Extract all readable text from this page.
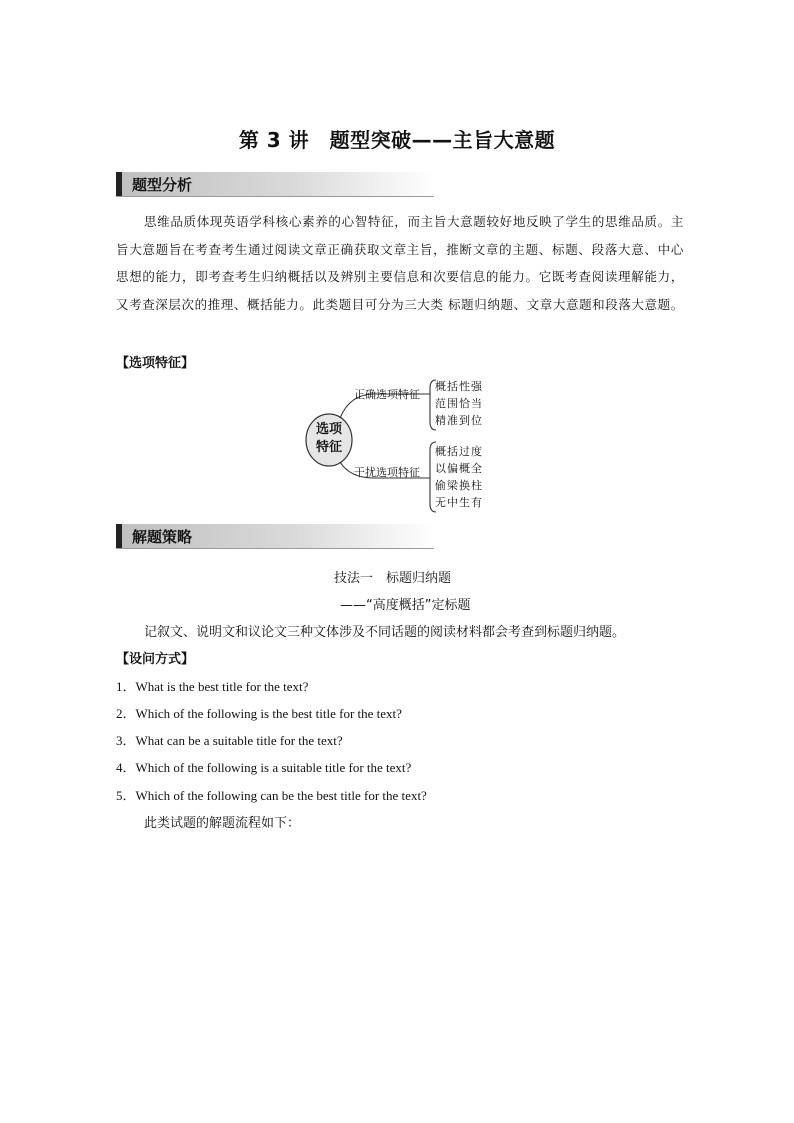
第 3 讲　题型突破——主旨大意题
题型分析
思维品质体现英语学科核心素养的心智特征，而主旨大意题较好地反映了学生的思维品质。主旨大意题旨在考查考生通过阅读文章正确获取文章主旨，推断文章的主题、标题、段落大意、中心思想的能力，即考查考生归纳概括以及辨别主要信息和次要信息的能力。它既考查阅读理解能力，又考查深层次的推理、概括能力。此类题目可分为三大类 标题归纳题、文章大意题和段落大意题。
【选项特征】
选项
特征
正确选项特征
干扰选项特征
概括性强
范围恰当
精准到位
概括过度
以偏概全
偷梁换柱
无中生有
解题策略
技法一　标题归纳题
——“高度概括”定标题
记叙文、说明文和议论文三种文体涉及不同话题的阅读材料都会考查到标题归纳题。
【设问方式】
1．What is the best title for the text?
2．Which of the following is the best title for the text?
3．What can be a suitable title for the text?
4．Which of the following is a suitable title for the text?
5．Which of the following can be the best title for the text?
此类试题的解题流程如下：
